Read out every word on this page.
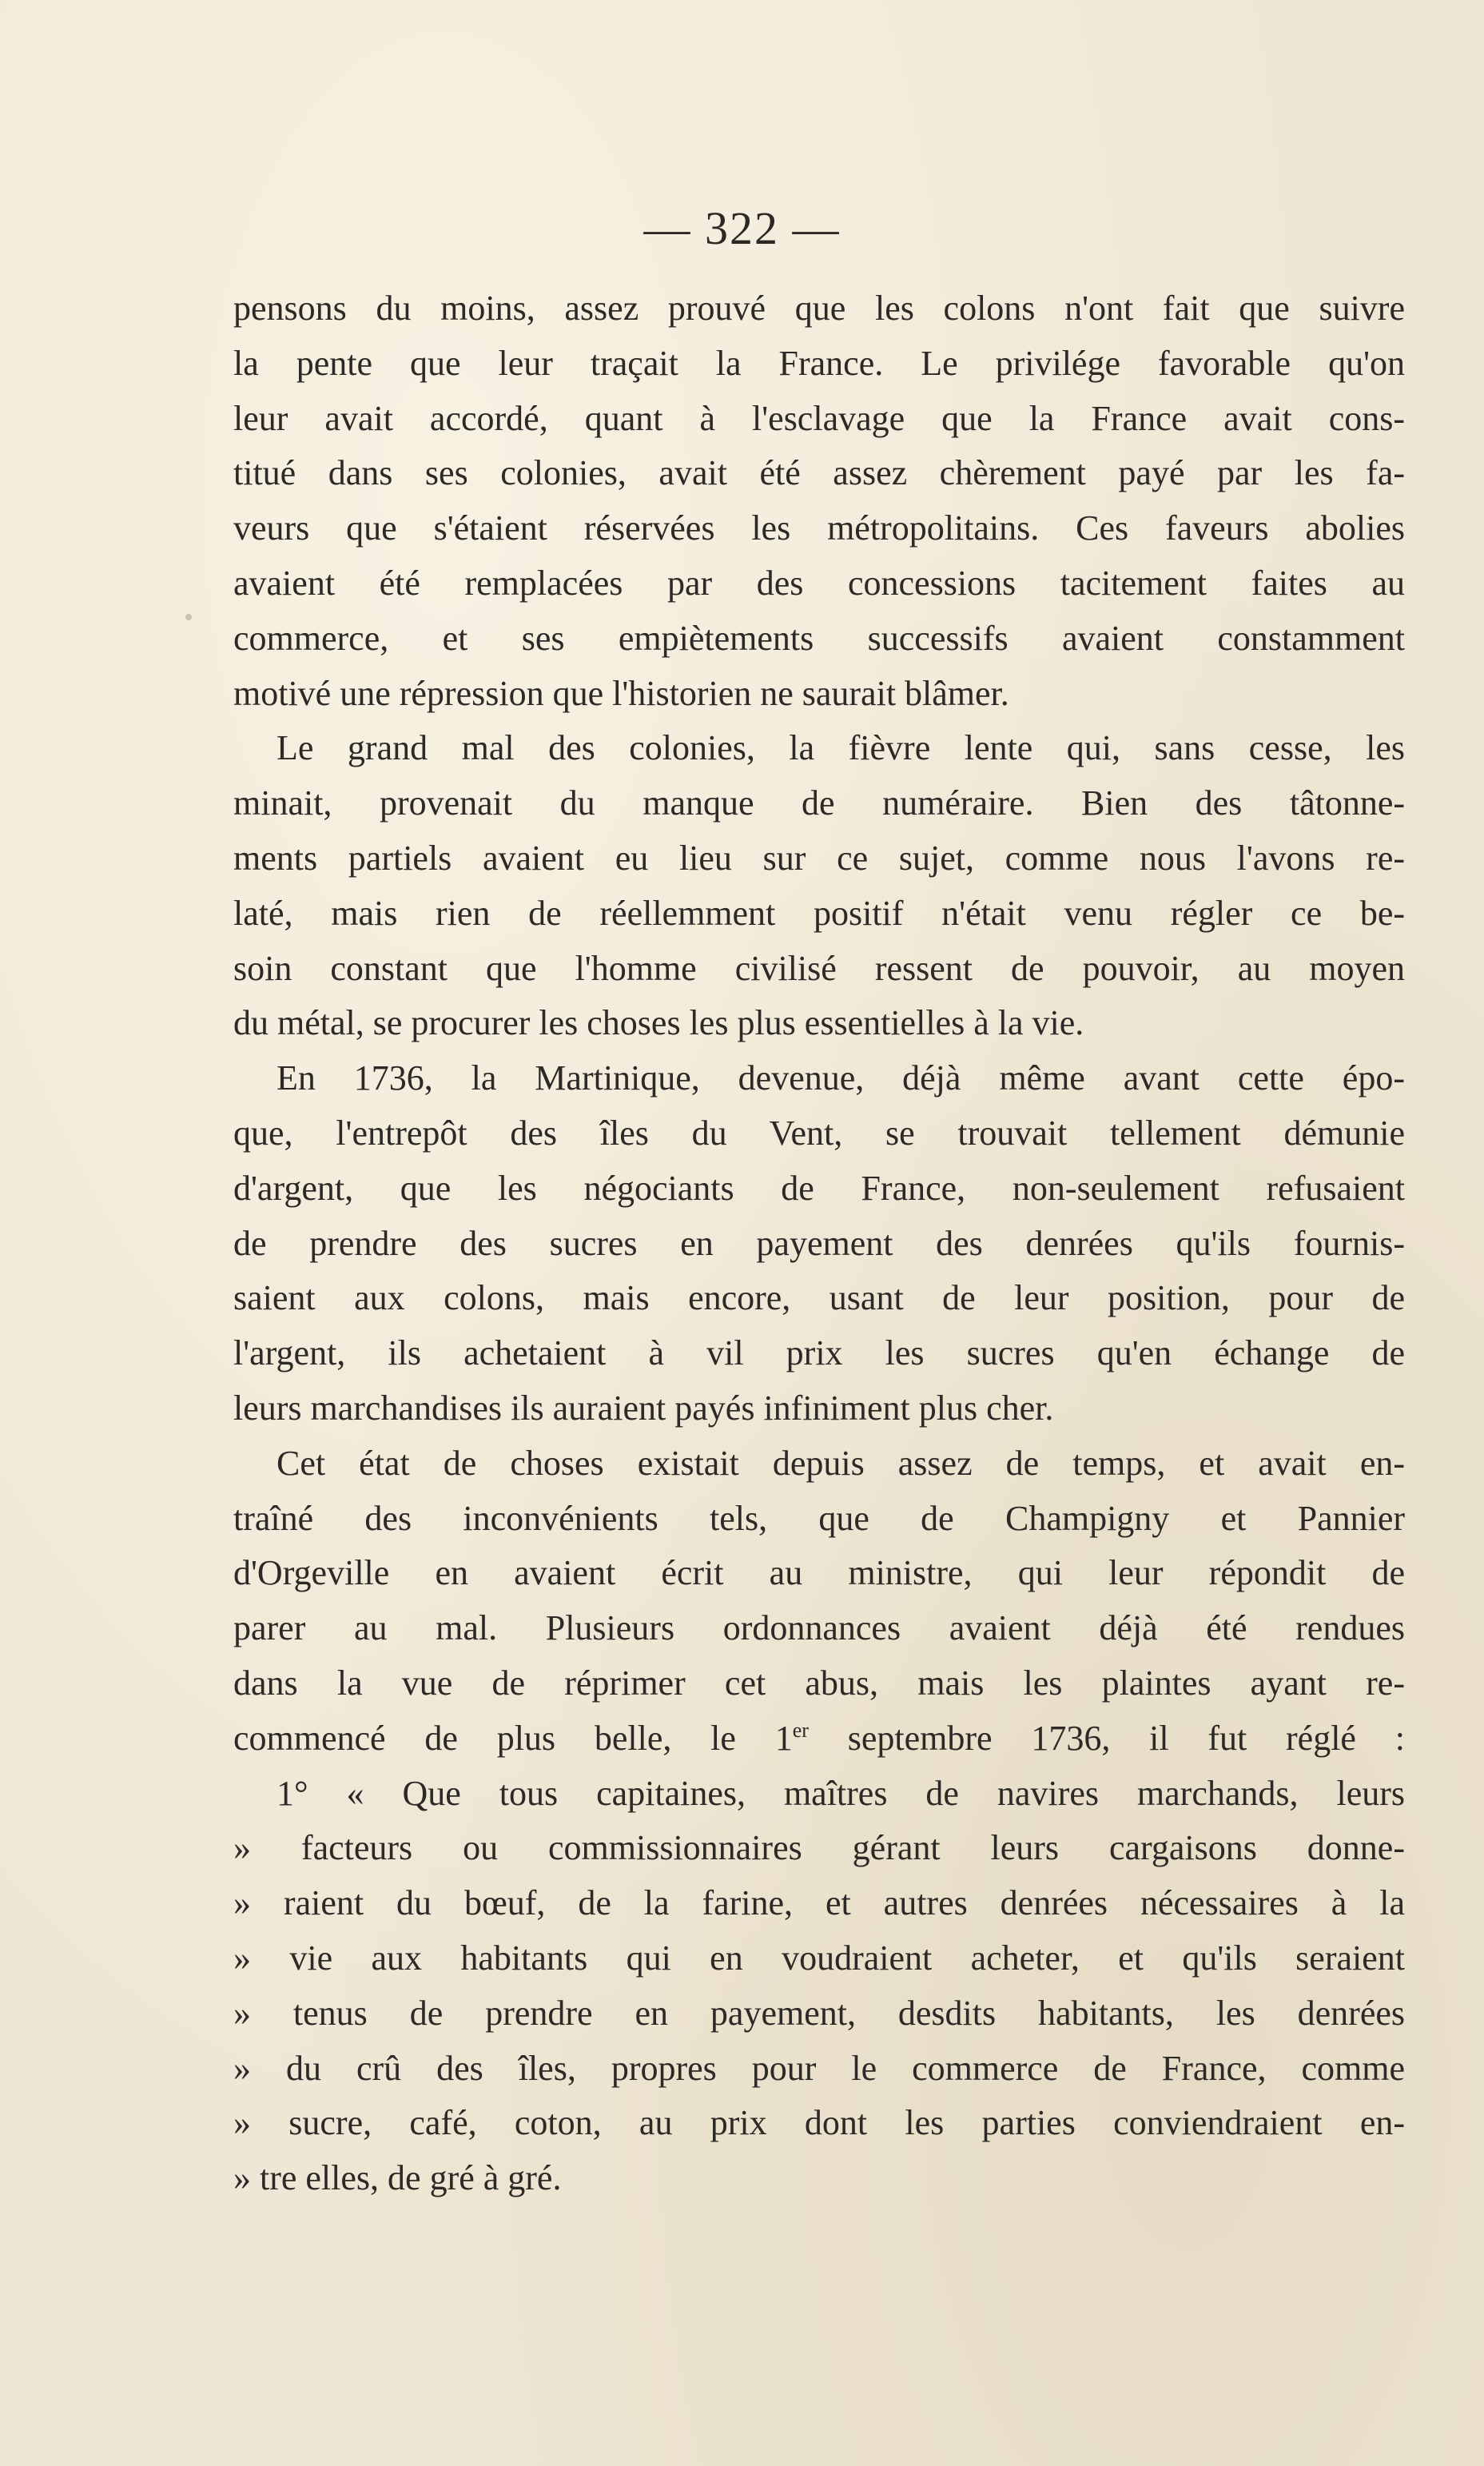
— 322 —
pensons du moins, assez prouvé que les colons n'ont fait que suivre
la pente que leur traçait la France. Le privilége favorable qu'on
leur avait accordé, quant à l'esclavage que la France avait cons-
titué dans ses colonies, avait été assez chèrement payé par les fa-
veurs que s'étaient réservées les métropolitains. Ces faveurs abolies
avaient été remplacées par des concessions tacitement faites au
commerce, et ses empiètements successifs avaient constamment
motivé une répression que l'historien ne saurait blâmer.
Le grand mal des colonies, la fièvre lente qui, sans cesse, les
minait, provenait du manque de numéraire. Bien des tâtonne-
ments partiels avaient eu lieu sur ce sujet, comme nous l'avons re-
laté, mais rien de réellemment positif n'était venu régler ce be-
soin constant que l'homme civilisé ressent de pouvoir, au moyen
du métal, se procurer les choses les plus essentielles à la vie.
En 1736, la Martinique, devenue, déjà même avant cette épo-
que, l'entrepôt des îles du Vent, se trouvait tellement démunie
d'argent, que les négociants de France, non-seulement refusaient
de prendre des sucres en payement des denrées qu'ils fournis-
saient aux colons, mais encore, usant de leur position, pour de
l'argent, ils achetaient à vil prix les sucres qu'en échange de
leurs marchandises ils auraient payés infiniment plus cher.
Cet état de choses existait depuis assez de temps, et avait en-
traîné des inconvénients tels, que de Champigny et Pannier
d'Orgeville en avaient écrit au ministre, qui leur répondit de
parer au mal. Plusieurs ordonnances avaient déjà été rendues
dans la vue de réprimer cet abus, mais les plaintes ayant re-
commencé de plus belle, le 1er septembre 1736, il fut réglé :
1° « Que tous capitaines, maîtres de navires marchands, leurs
» facteurs ou commissionnaires gérant leurs cargaisons donne-
» raient du bœuf, de la farine, et autres denrées nécessaires à la
» vie aux habitants qui en voudraient acheter, et qu'ils seraient
» tenus de prendre en payement, desdits habitants, les denrées
» du crû des îles, propres pour le commerce de France, comme
» sucre, café, coton, au prix dont les parties conviendraient en-
» tre elles, de gré à gré.
